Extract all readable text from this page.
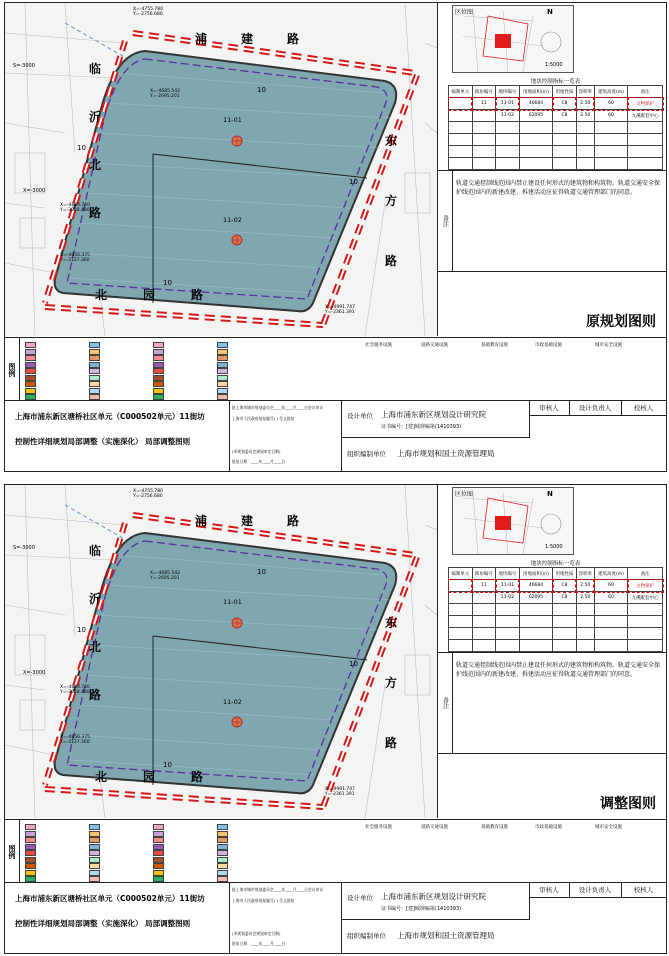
11-01
11-02
浦建路
临沂北路
东方路
北园路
X=-4755.780
Y=-2756.680
X=-4685.542
Y=-2695.201
X=-4860.720
Y=-3028.480
X=-4856.375
Y=-3127.360
X=-4991.747
Y=-2361.391
X=-3000
S=-3000
10
10
10
10
区位图	N
1:5000
地块控制指标一览表
编制单元	街坊编号	地块编号	用地面积(㎡)	用地性质	容积率	建筑高度(m)	备注
	11	11-01	46684	C8	2.50	60	文物保护
		11-02	62095	C8	2.50	60	九溪配套中心

备注
轨道交通控制线范围内禁止建设任何形式的建筑物和构筑物。轨道交通安全保护线范围内的新建改建、拆建活动应征得轨道交通管理部门的同意。
原规划图则
图例
社会服务设施	道路交通设施	基础教育设施	市政基础设施	城市安全设施
上海市浦东新区塘桥社区单元（C000502单元）11街坊
控制性详细规划局部调整（实施深化） 局部调整图则
批上海市城市规划委员会____年____月____日会议审议
上海市人民政府批复编号( ) 号文批复
(市规划委员会规划审定日期)
批复日期：____年____月____日
设计单位 上海市浦东新区规划设计研究院
证书编号：[建]城规编第(1410393)
审核人	设计负责人	校核人
组织编制单位 上海市规划和国土资源管理局
11-01
11-02
浦建路
临沂北路
东方路
北园路
X=-4755.780
Y=-2756.680
X=-4685.542
Y=-2695.201
X=-4860.720
Y=-3028.480
X=-4856.375
Y=-3127.360
X=-4991.747
Y=-2361.391
X=-3000
S=-3000
10
10
10
10
区位图	N
1:5000
地块控制指标一览表
编制单元	街坊编号	地块编号	用地面积(㎡)	用地性质	容积率	建筑高度(m)	备注
	11	11-01	46684	C8	2.50	60	文物保护
		11-02	62095	C8	2.50	60	九溪配套中心

备注
轨道交通控制线范围内禁止建设任何形式的建筑物和构筑物。轨道交通安全保护线范围内的新建改建、拆建活动应征得轨道交通管理部门的同意。
调整图则
图例
社会服务设施	道路交通设施	基础教育设施	市政基础设施	城市安全设施
上海市浦东新区塘桥社区单元（C000502单元）11街坊
控制性详细规划局部调整（实施深化） 局部调整图则
批上海市城市规划委员会____年____月____日会议审议
上海市人民政府批复编号( ) 号文批复
(市规划委员会规划审定日期)
批复日期：____年____月____日
设计单位 上海市浦东新区规划设计研究院
证书编号：[建]城规编第(1410393)
审核人	设计负责人	校核人
组织编制单位 上海市规划和国土资源管理局
